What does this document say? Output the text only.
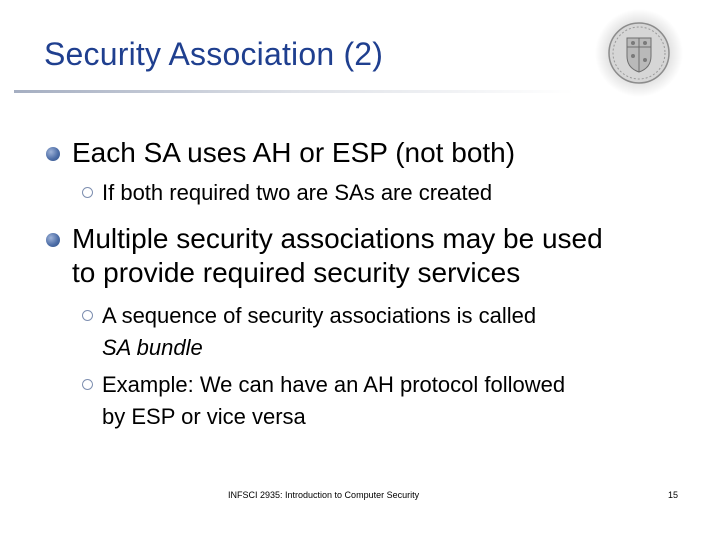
Security Association (2)
Each SA uses AH or ESP (not both)
If both required two are SAs are created
Multiple security associations may be used
to provide required security services
A sequence of security associations is called
SA bundle
Example: We can have an AH protocol followed
by ESP or vice versa
INFSCI 2935: Introduction to Computer Security	15
